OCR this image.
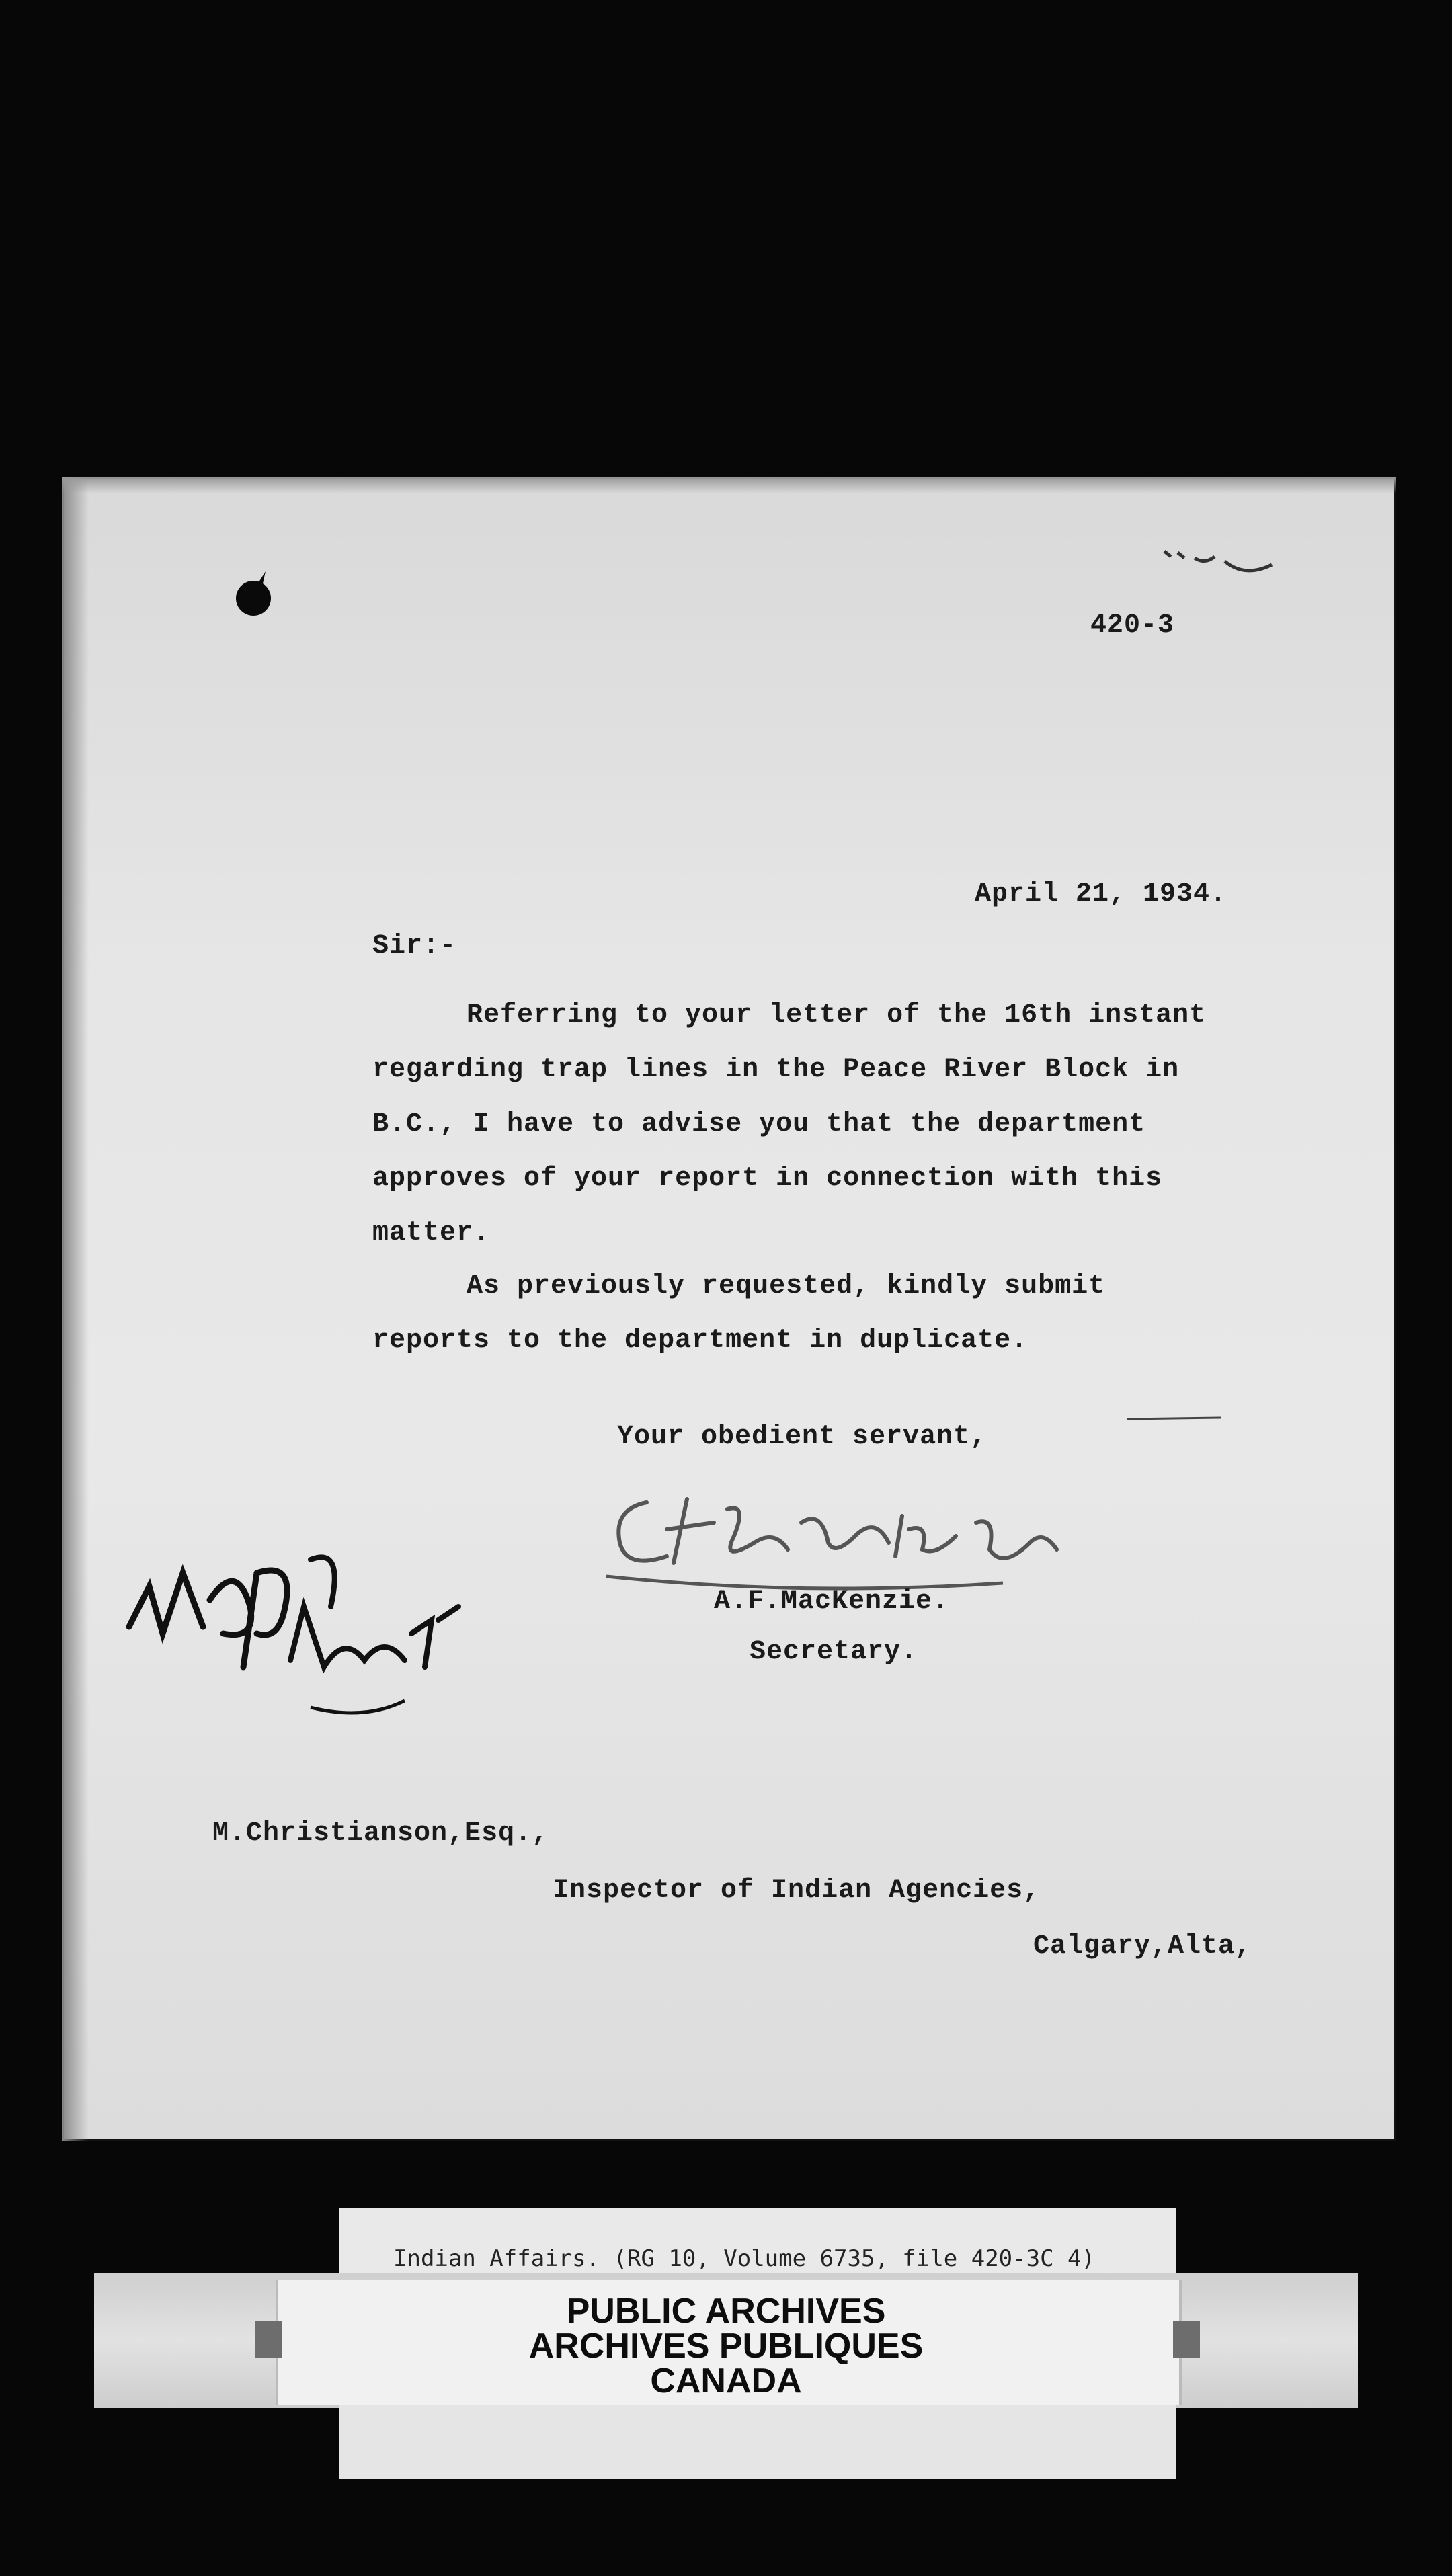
420-3
April 21, 1934.
Sir:-
Referring to your letter of the 16th instant
regarding trap lines in the Peace River Block in
B.C., I have to advise you that the department
approves of your report in connection with this
matter.
As previously requested, kindly submit
reports to the department in duplicate.
Your obedient servant,
A.F.MacKenzie.
Secretary.
M.Christianson,Esq.,
Inspector of Indian Agencies,
Calgary,Alta,
Indian Affairs. (RG 10, Volume 6735, file 420-3C 4)
PUBLIC ARCHIVES
ARCHIVES PUBLIQUES
CANADA
